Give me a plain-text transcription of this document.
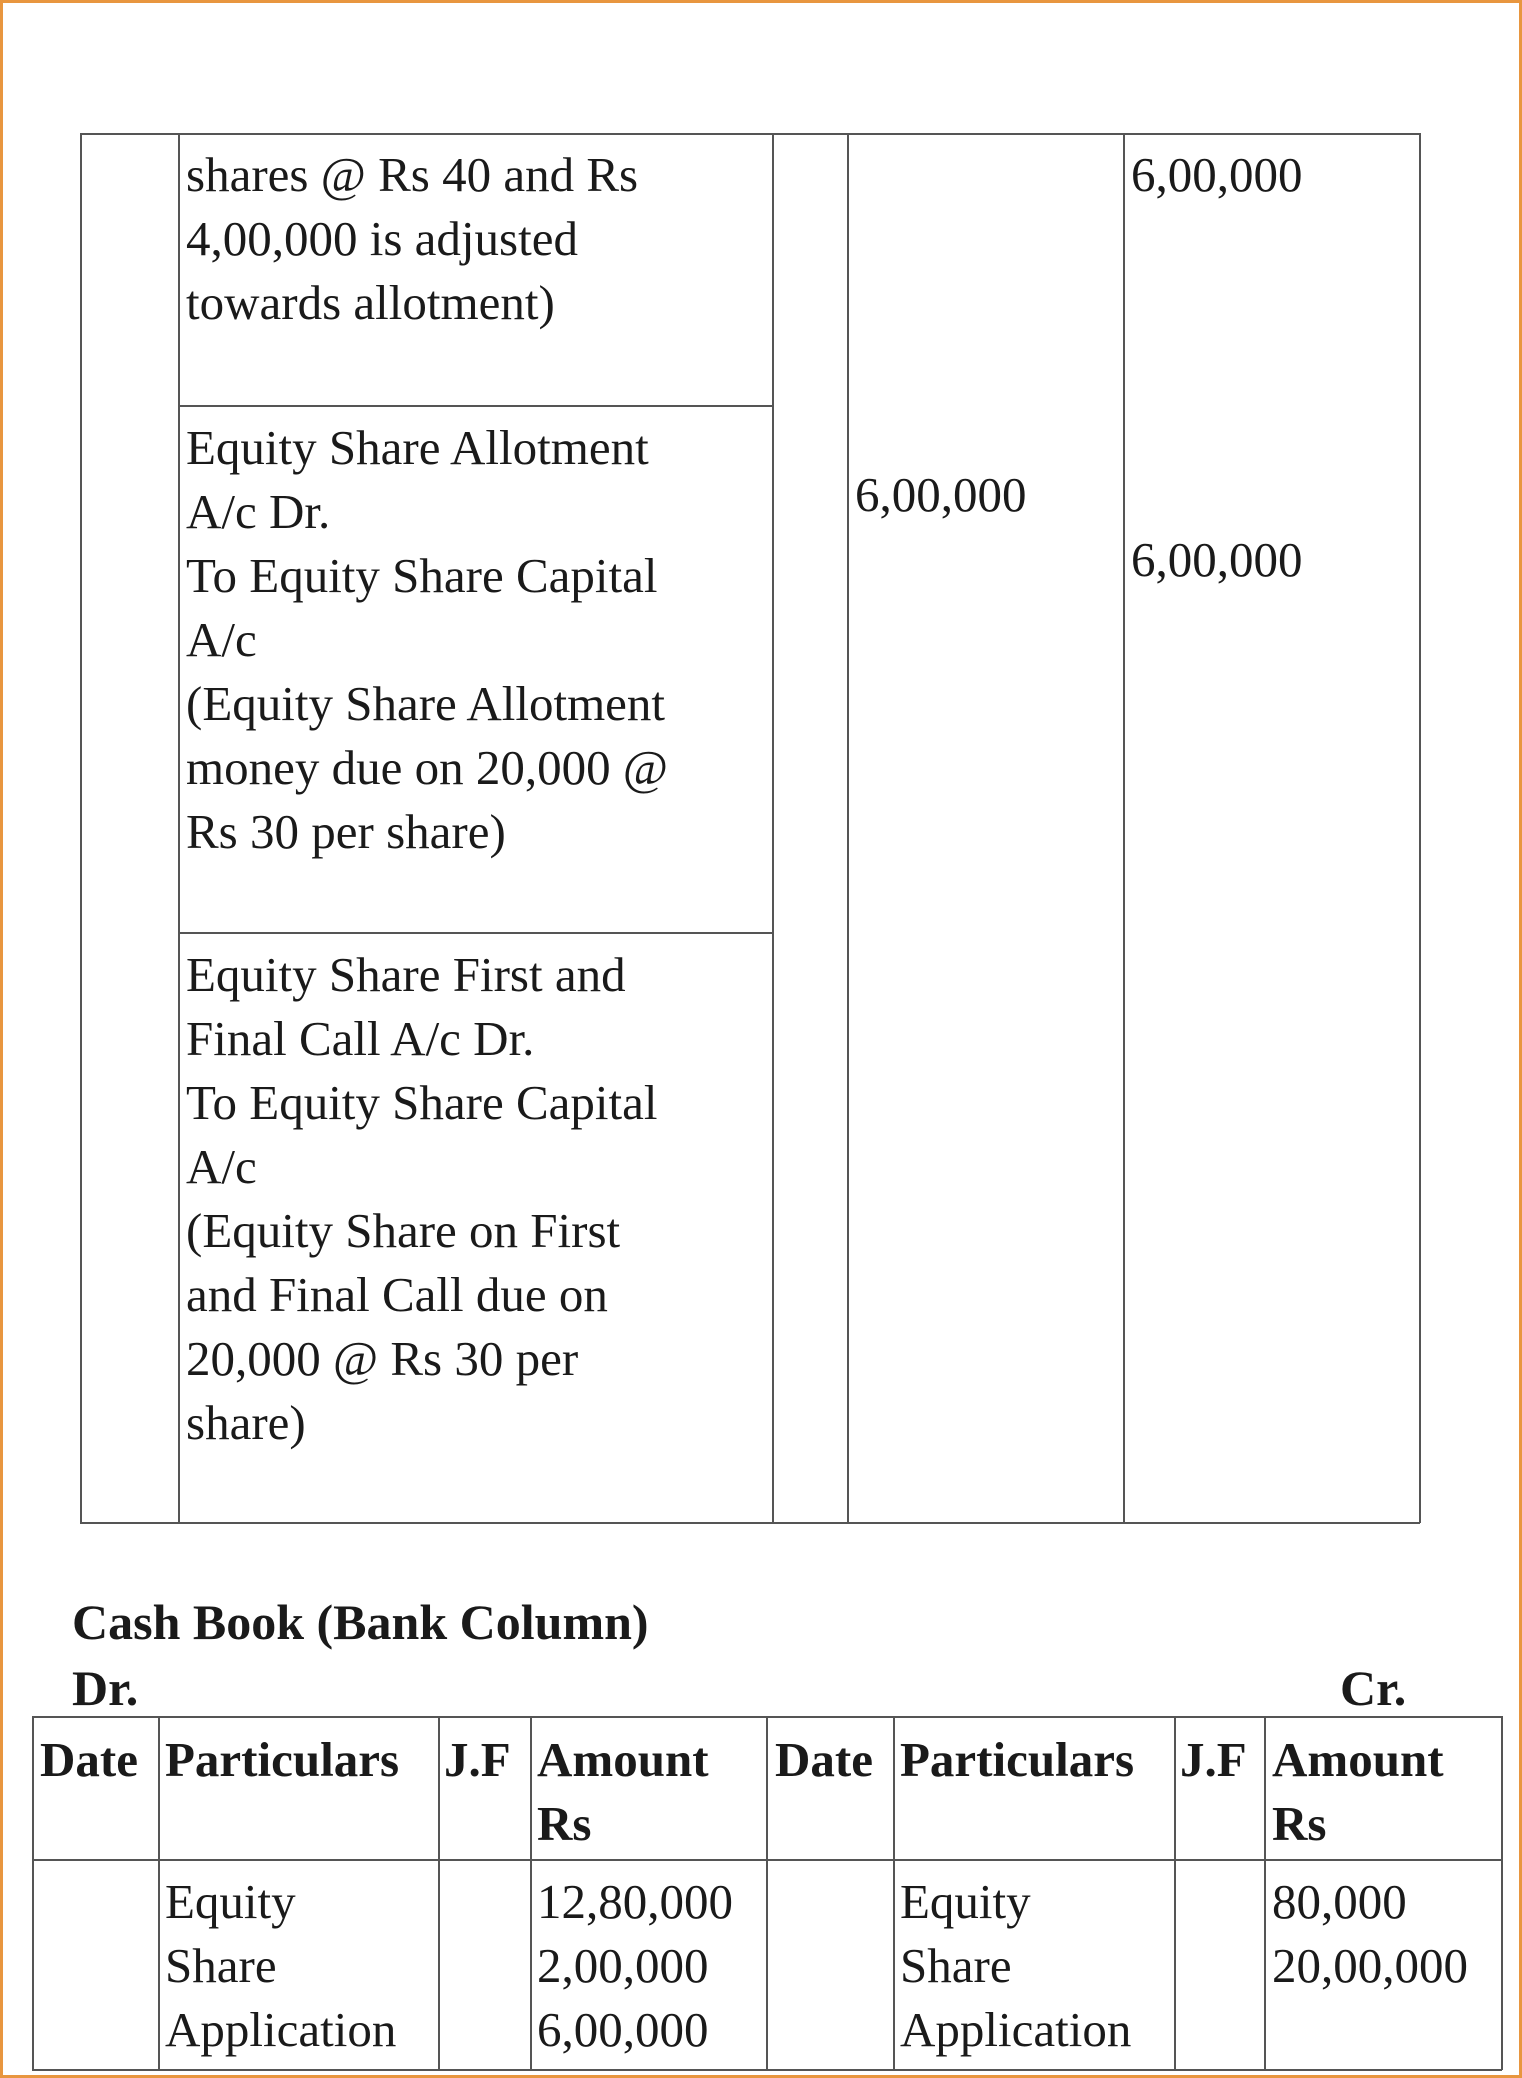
shares @ Rs 40 and Rs
4,00,000 is adjusted
towards allotment)
6,00,000
Equity Share Allotment
A/c Dr.
To Equity Share Capital
A/c
(Equity Share Allotment
money due on 20,000 @
Rs 30 per share)
6,00,000
6,00,000
Equity Share First and
Final Call A/c Dr.
To Equity Share Capital
A/c
(Equity Share on First
and Final Call due on
20,000 @ Rs 30 per
share)
Cash Book (Bank Column)
Dr.	Cr.
Date Particulars J.F Amount
Rs
Date Particulars J.F Amount
Rs
Equity
Share
Application
12,80,000
2,00,000
6,00,000
Equity
Share
Application
80,000
20,00,000
